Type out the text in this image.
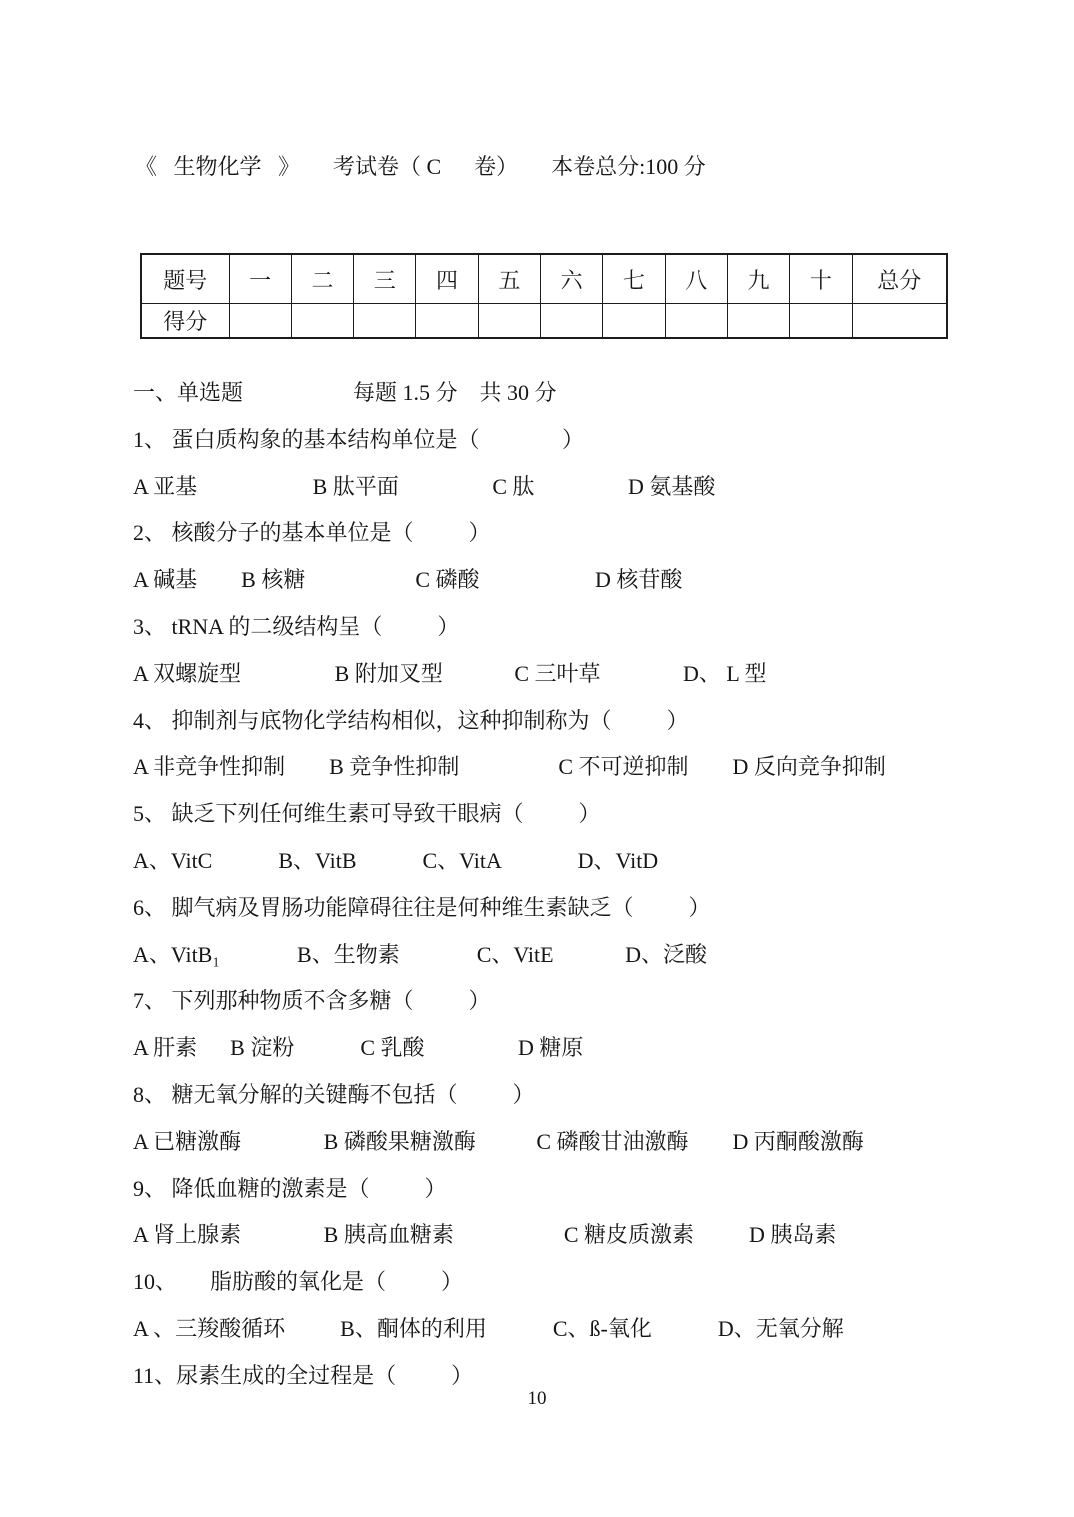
《   生物化学   》      考试卷（ C      卷）      本卷总分:100 分
题号	一	二	三	四	五	六	七	八	九	十	总分
得分											
一、单选题                    每题 1.5 分    共 30 分
1、 蛋白质构象的基本结构单位是（               ）
A 亚基                     B 肽平面                 C 肽                 D 氨基酸
2、 核酸分子的基本单位是（          ）
A 碱基        B 核糖                    C 磷酸                     D 核苷酸
3、 tRNA 的二级结构呈（          ）
A 双螺旋型                 B 附加叉型             C 三叶草               D、 L 型
4、 抑制剂与底物化学结构相似，这种抑制称为（          ）
A 非竞争性抑制        B 竞争性抑制                  C 不可逆抑制        D 反向竞争抑制
5、 缺乏下列任何维生素可导致干眼病（          ）
A、VitC            B、VitB            C、VitA              D、VitD
6、 脚气病及胃肠功能障碍往往是何种维生素缺乏（          ）
A、VitB₁              B、生物素              C、VitE             D、泛酸
7、 下列那种物质不含多糖（          ）
A 肝素      B 淀粉            C 乳酸                 D 糖原
8、 糖无氧分解的关键酶不包括（          ）
A 已糖激酶               B 磷酸果糖激酶           C 磷酸甘油激酶        D 丙酮酸激酶
9、 降低血糖的激素是（          ）
A 肾上腺素               B 胰高血糖素                    C 糖皮质激素          D 胰岛素
10、      脂肪酸的氧化是（          ）
A 、三羧酸循环          B、酮体的利用            C、ß-氧化            D、无氧分解
11、尿素生成的全过程是（          ）
10
